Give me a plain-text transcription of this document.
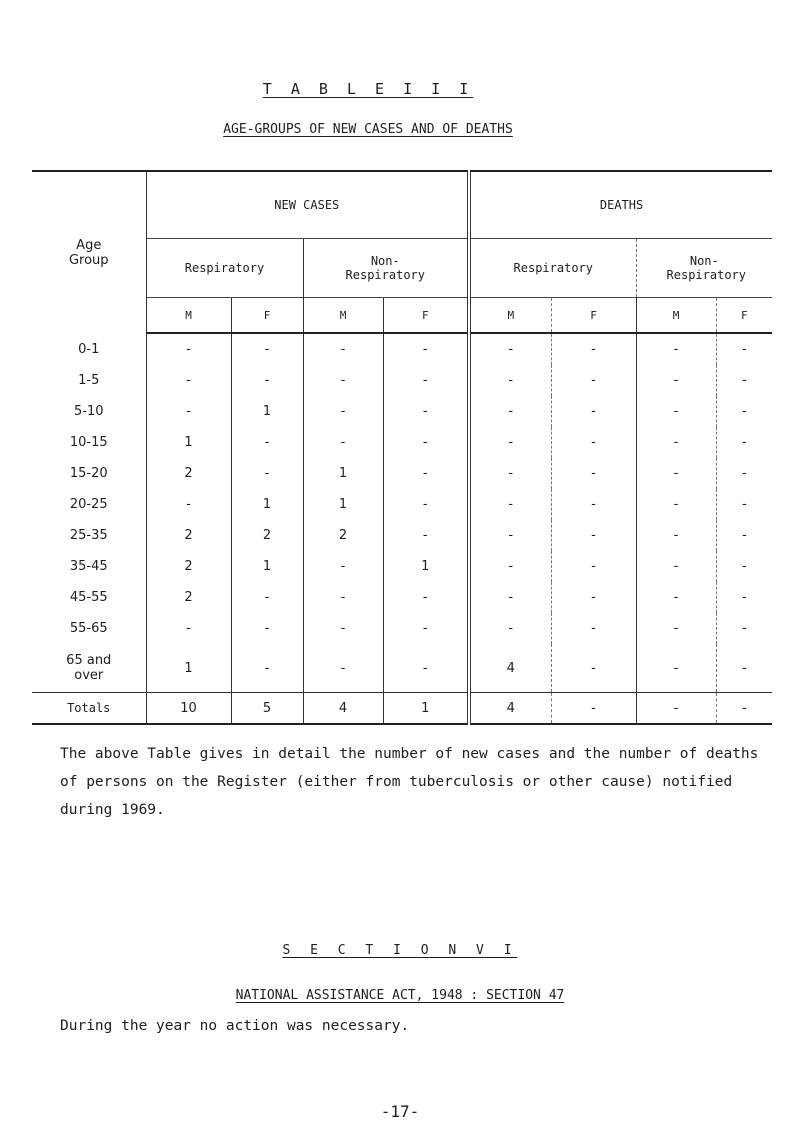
T A B L E I I I
AGE-GROUPS OF NEW CASES AND OF DEATHS
Age Group	NEW CASES				DEATHS			
	Respiratory		Non- Respiratory		Respiratory		Non- Respiratory	
	M	F	M	F	M	F	M	F
0-1	-	-	-	-	-	-	-	-
1-5	-	-	-	-	-	-	-	-
5-10	-	1	-	-	-	-	-	-
10-15	1	-	-	-	-	-	-	-
15-20	2	-	1	-	-	-	-	-
20-25	-	1	1	-	-	-	-	-
25-35	2	2	2	-	-	-	-	-
35-45	2	1	-	1	-	-	-	-
45-55	2	-	-	-	-	-	-	-
55-65	-	-	-	-	-	-	-	-
65 and over	1	-	-	-	4	-	-	-
Totals	10	5	4	1	4	-	-	-
The above Table gives in detail the number of new cases and the number of deaths of persons on the Register (either from tuberculosis or other cause) notified during 1969.
S E C T I O N V I
NATIONAL ASSISTANCE ACT, 1948 : SECTION 47
During the year no action was necessary.
-17-
